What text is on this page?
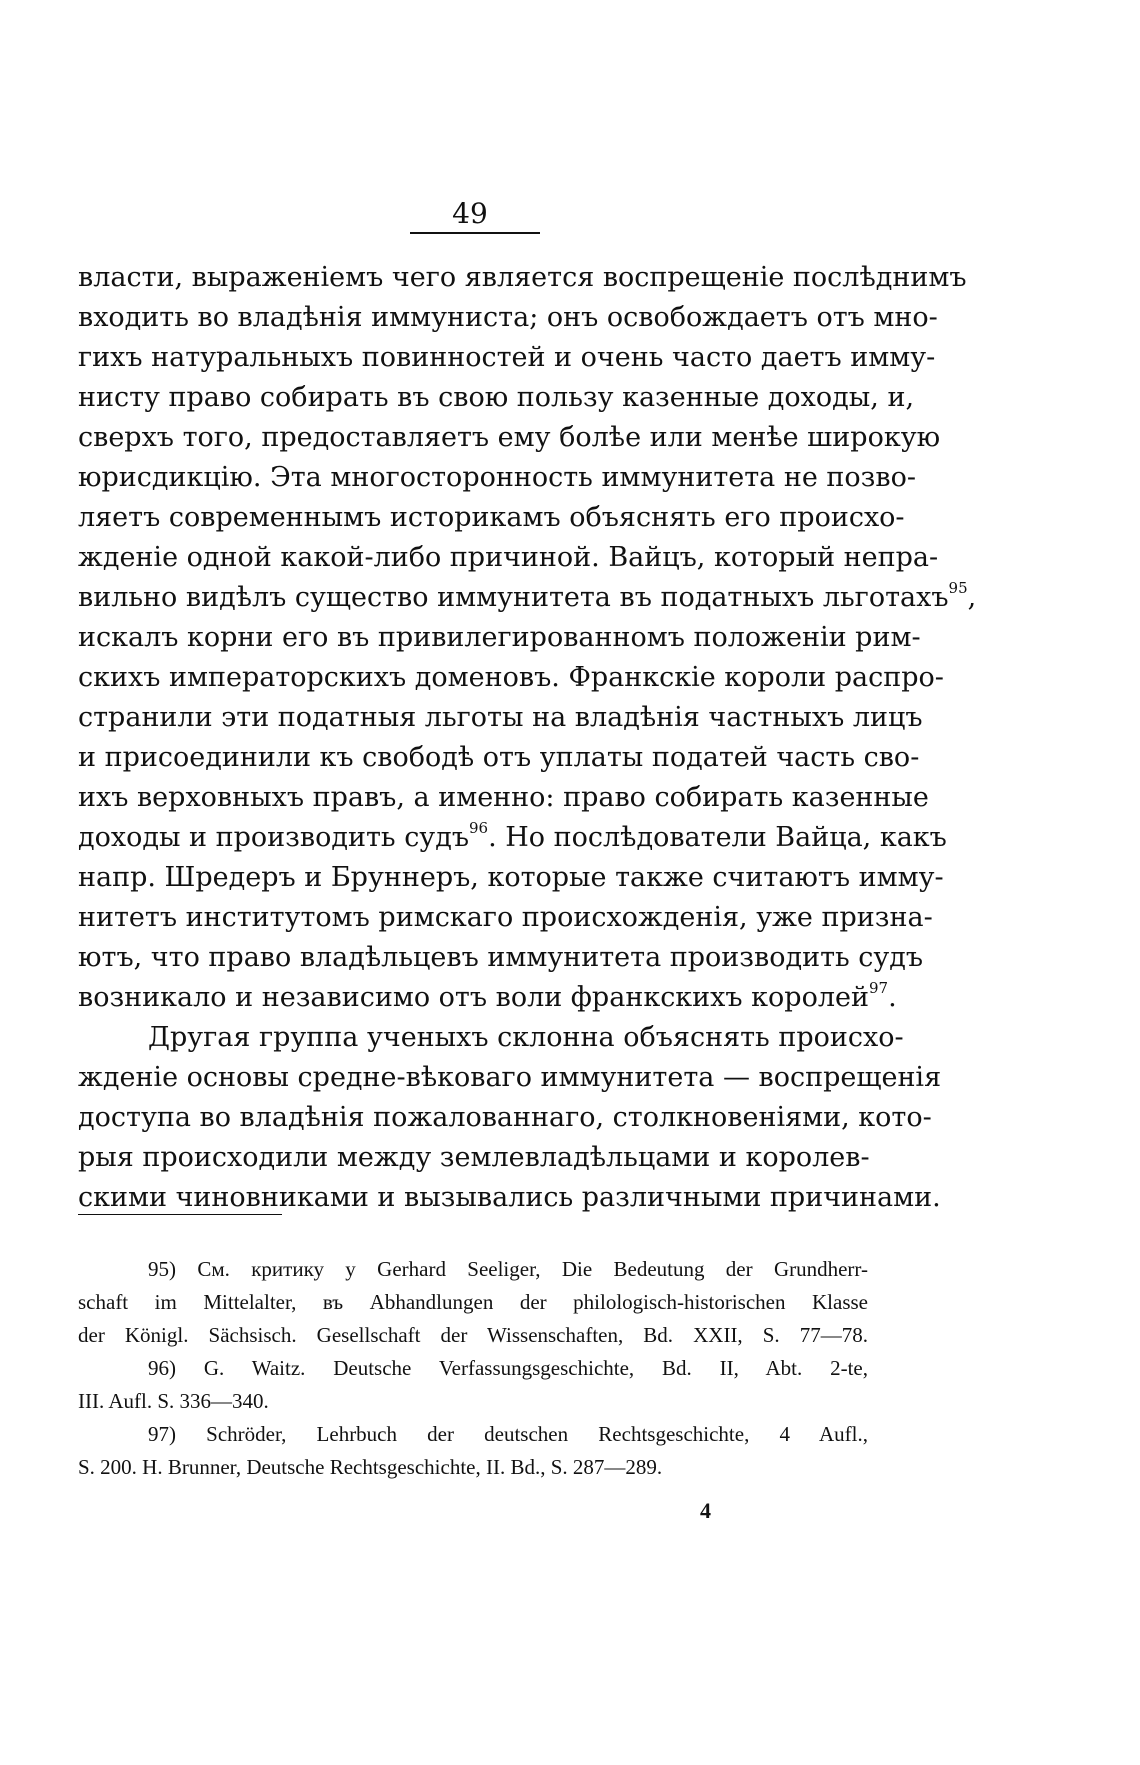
49
власти, выраженіемъ чего является воспрещеніе послѣднимъ
входить во владѣнія иммуниста; онъ освобождаетъ отъ мно-
гихъ натуральныхъ повинностей и очень часто даетъ имму-
нисту право собирать въ свою пользу казенные доходы, и,
сверхъ того, предоставляетъ ему болѣе или менѣе широкую
юрисдикцію. Эта многосторонность иммунитета не позво-
ляетъ современнымъ историкамъ объяснять его происхо-
жденіе одной какой-либо причиной. Вайцъ, который непра-
вильно видѣлъ существо иммунитета въ податныхъ льготахъ$^{95}$,
искалъ корни его въ привилегированномъ положеніи рим-
скихъ императорскихъ доменовъ. Франкскіе короли распро-
странили эти податныя льготы на владѣнія частныхъ лицъ
и присоединили къ свободѣ отъ уплаты податей часть сво-
ихъ верховныхъ правъ, а именно: право собирать казенные
доходы и производить судъ$^{96}$. Но послѣдователи Вайца, какъ
напр. Шредеръ и Бруннеръ, которые также считаютъ имму-
нитетъ институтомъ римскаго происхожденія, уже призна-
ютъ, что право владѣльцевъ иммунитета производить судъ
возникало и независимо отъ воли франкскихъ королей$^{97}$.
Другая группа ученыхъ склонна объяснять происхо-
жденіе основы средне-вѣковаго иммунитета — воспрещенія
доступа во владѣнія пожалованнаго, столкновеніями, кото-
рыя происходили между землевладѣльцами и королев-
скими чиновниками и вызывались различными причинами.
95) См. критику у Gerhard Seeliger, Die Bedeutung der Grundherr-
schaft im Mittelalter, въ Abhandlungen der philologisch-historischen Klasse
der Königl. Sächsisch. Gesellschaft der Wissenschaften, Bd. XXII, S. 77—78.
96) G. Waitz. Deutsche Verfassungsgeschichte, Bd. II, Abt. 2-te,
III. Aufl. S. 336—340.
97) Schröder, Lehrbuch der deutschen Rechtsgeschichte, 4 Aufl.,
S. 200. H. Brunner, Deutsche Rechtsgeschichte, II. Bd., S. 287—289.
4
